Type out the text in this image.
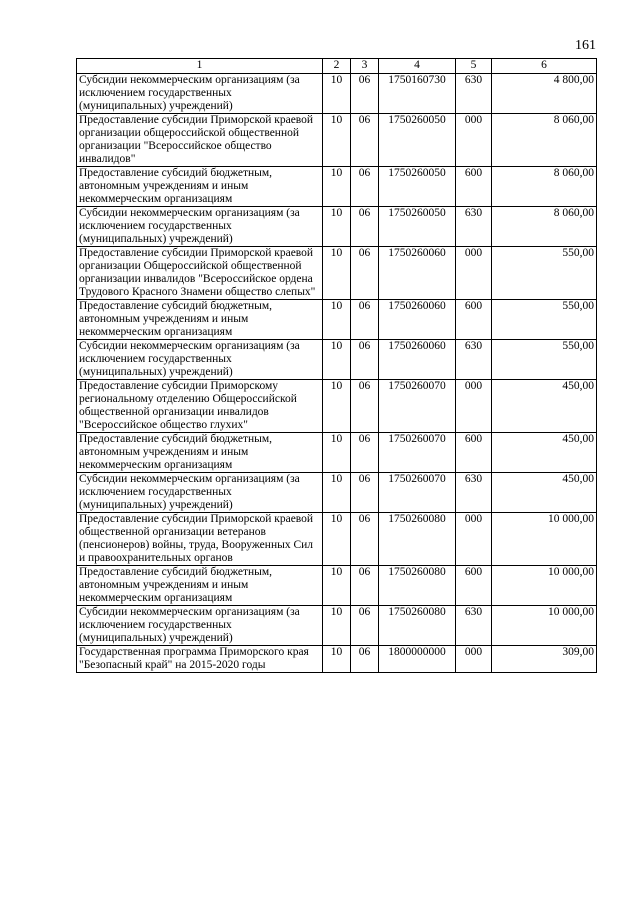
161
1	2	3	4	5	6
Субсидии некоммерческим организациям (за исключением государственных (муниципальных) учреждений)	10	06	1750160730	630	4 800,00
Предоставление субсидии Приморской краевой организации общероссийской общественной организации "Всероссийское общество инвалидов"	10	06	1750260050	000	8 060,00
Предоставление субсидий бюджетным, автономным учреждениям и иным некоммерческим организациям	10	06	1750260050	600	8 060,00
Субсидии некоммерческим организациям (за исключением государственных (муниципальных) учреждений)	10	06	1750260050	630	8 060,00
Предоставление субсидии Приморской краевой организации Общероссийской общественной организации инвалидов "Всероссийское ордена Трудового Красного Знамени общество слепых"	10	06	1750260060	000	550,00
Предоставление субсидий бюджетным, автономным учреждениям и иным некоммерческим организациям	10	06	1750260060	600	550,00
Субсидии некоммерческим организациям (за исключением государственных (муниципальных) учреждений)	10	06	1750260060	630	550,00
Предоставление субсидии Приморскому региональному отделению Общероссийской общественной организации инвалидов "Всероссийское общество глухих"	10	06	1750260070	000	450,00
Предоставление субсидий бюджетным, автономным учреждениям и иным некоммерческим организациям	10	06	1750260070	600	450,00
Субсидии некоммерческим организациям (за исключением государственных (муниципальных) учреждений)	10	06	1750260070	630	450,00
Предоставление субсидии Приморской краевой общественной организации ветеранов (пенсионеров) войны, труда, Вооруженных Сил и правоохранительных органов	10	06	1750260080	000	10 000,00
Предоставление субсидий бюджетным, автономным учреждениям и иным некоммерческим организациям	10	06	1750260080	600	10 000,00
Субсидии некоммерческим организациям (за исключением государственных (муниципальных) учреждений)	10	06	1750260080	630	10 000,00
Государственная программа Приморского края "Безопасный край" на 2015-2020 годы	10	06	1800000000	000	309,00
